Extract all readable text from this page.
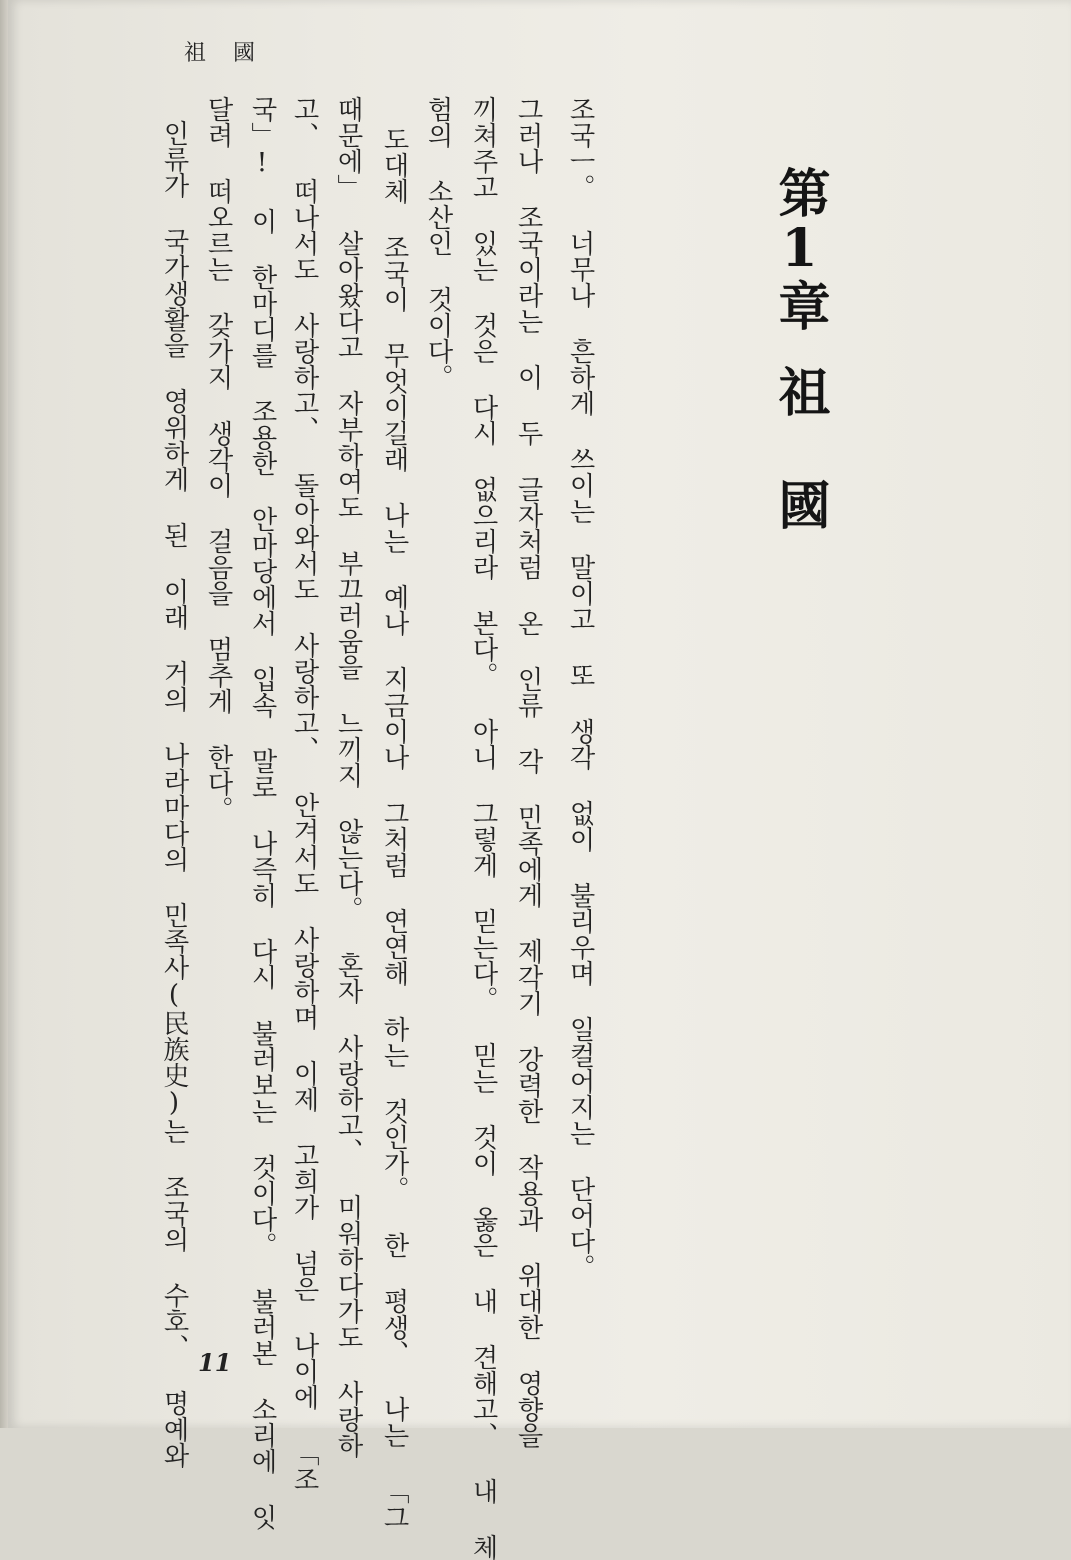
祖 國
第1章祖 國
조국ㅡ。 너무나 흔하게 쓰이는 말이고 또 생각 없이 불리우며 일컬어지는 단어다。
그러나 조국이라는 이 두 글자처럼 온 인류 각 민족에게 제각기 강력한 작용과 위대한 영향을
끼쳐주고 있는 것은 다시 없으리라 본다。 아니 그렇게 믿는다。 믿는 것이 옳은 내 견해고、 내 체
험의 소산인 것이다。
도대체 조국이 무엇이길래 나는 예나 지금이나 그처럼 연연해 하는 것인가。 한 평생、 나는 「그
때문에」 살아왔다고 자부하여도 부끄러움을 느끼지 않는다。 혼자 사랑하고、 미워하다가도 사랑하
고、 떠나서도 사랑하고、 돌아와서도 사랑하고、 안겨서도 사랑하며 이제 고희가 넘은 나이에 「조
국」! 이 한마디를 조용한 안마당에서 입속 말로 나즉히 다시 불러보는 것이다。 불러본 소리에 잇
달려 떠오르는 갖가지 생각이 걸음을 멈추게 한다。
인류가 국가생활을 영위하게 된 이래 거의 나라마다의 민족사(民族史)는 조국의 수호、 명예와 11
